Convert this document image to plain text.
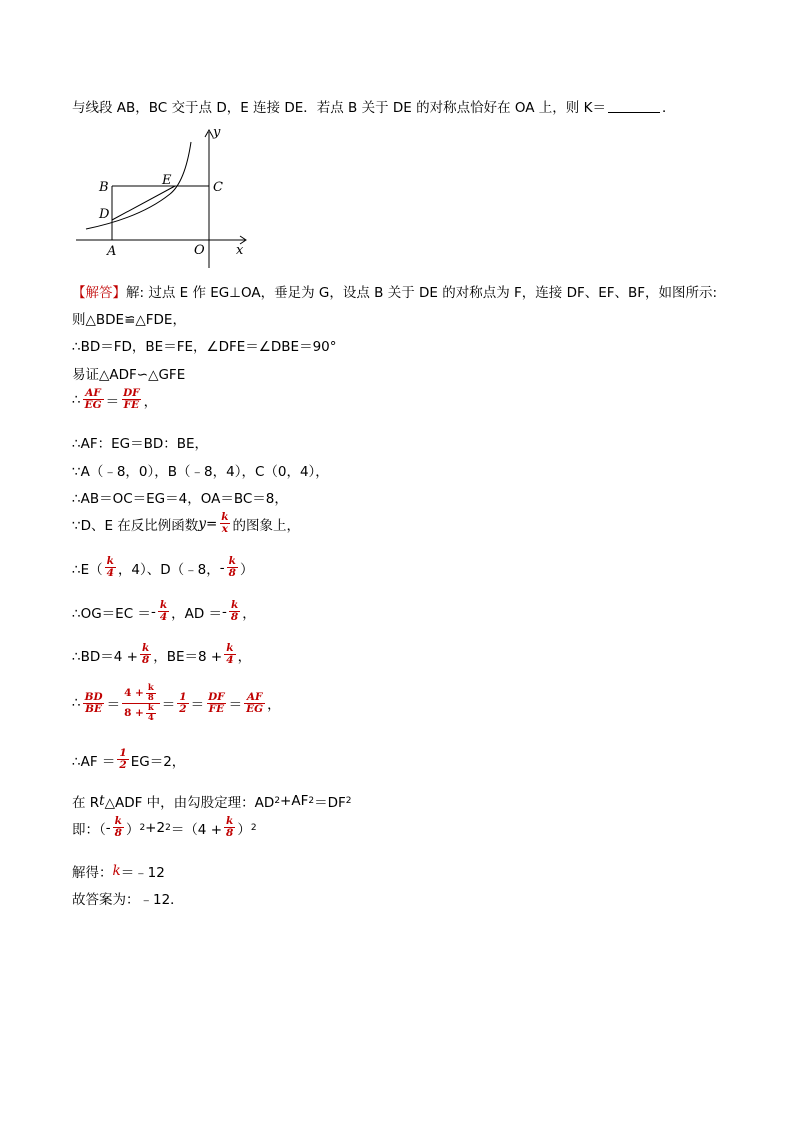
与线段 AB，BC 交于点 D，E 连接 DE．若点 B 关于 DE 的对称点恰好在 OA 上，则 K＝	．
y
B	E	C
D
A	O x
【解答】 解: 过点 E 作 EG⊥OA，垂足为 G，设点 B 关于 DE 的对称点为 F，连接 DF、EF、BF，如图所示:
则△BDE≌△FDE，
∴BD＝FD，BE＝FE，∠DFE＝∠DBE＝90°
易证△ADF∽△GFE
∴ $\frac{AF}{EG} = \frac{DF}{FE}$ ，
∴AF：EG＝BD：BE，
∵A（﹣8，0），B（﹣8，4），C（0，4），
∴AB＝OC＝EG＝4，OA＝BC＝8，
∵D、E 在反比例函数 $y = \frac{k}{x}$ 的图象上，
∴E（ $\frac{k}{4}$ ，4）、D（﹣8， - $\frac{k}{8}$ ）
∴OG＝EC ＝ - $\frac{k}{4}$ ，AD ＝ - $\frac{k}{8}$ ，
∴BD＝4 + $\frac{k}{8}$ ，$BE=8 + \frac{k}{4}$ ，
∴ $\frac{BD}{BE} = \frac{4 + \frac{k}{8}}{8 + \frac{k}{4}} = \frac{1}{2} = \frac{DF}{FE} = \frac{AF}{EG}$ ，
∴AF ＝ $\frac{1}{2} EG=2$，
在 R t △ADF 中，由勾股定理：AD 2 +AF 2 ＝DF 2
即：（ - $\frac{k}{8}$ ） 2 +2 $2 =(4 + \frac{k}{8}$ ） 2
解得： k ＝﹣12
故答案为：﹣12．
